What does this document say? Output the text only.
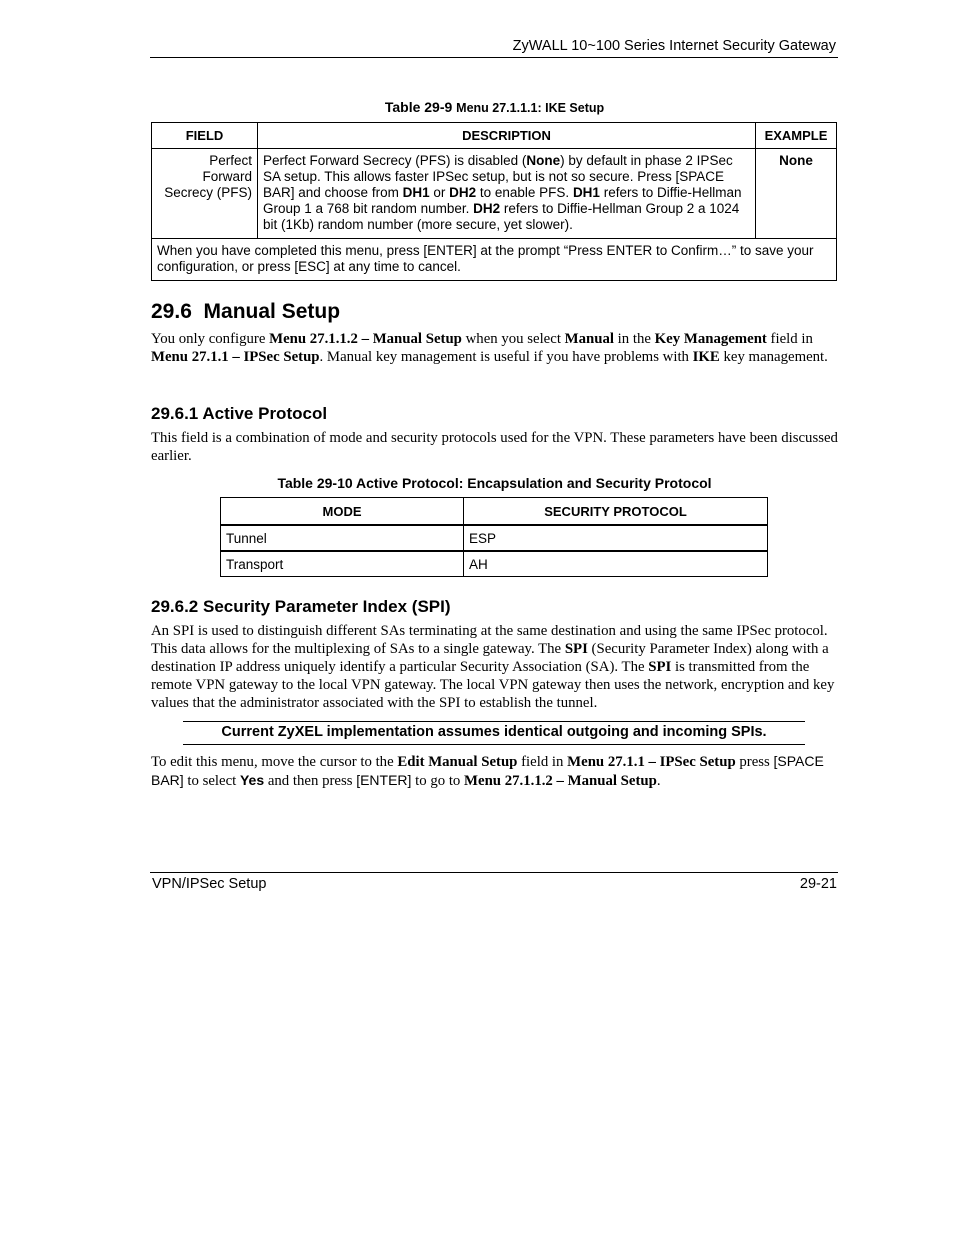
ZyWALL 10~100 Series Internet Security Gateway
Table 29-9 Menu 27.1.1.1: IKE Setup
FIELD	DESCRIPTION	EXAMPLE
Perfect Forward Secrecy (PFS)	Perfect Forward Secrecy (PFS) is disabled (None) by default in phase 2 IPSec SA setup. This allows faster IPSec setup, but is not so secure. Press [SPACE BAR] and choose from DH1 or DH2 to enable PFS. DH1 refers to Diffie-Hellman Group 1 a 768 bit random number. DH2 refers to Diffie-Hellman Group 2 a 1024 bit (1Kb) random number (more secure, yet slower).	None
When you have completed this menu, press [ENTER] at the prompt “Press ENTER to Confirm…” to save your configuration, or press [ESC] at any time to cancel.		
29.6 Manual Setup

You only configure Menu 27.1.1.2 – Manual Setup when you select Manual in the Key Management field in Menu 27.1.1 – IPSec Setup. Manual key management is useful if you have problems with IKE key management.

29.6.1 Active Protocol

This field is a combination of mode and security protocols used for the VPN. These parameters have been discussed earlier.

Table 29-10 Active Protocol: Encapsulation and Security Protocol
MODE	SECURITY PROTOCOL
Tunnel	ESP
Transport	AH
29.6.2 Security Parameter Index (SPI)

An SPI is used to distinguish different SAs terminating at the same destination and using the same IPSec protocol. This data allows for the multiplexing of SAs to a single gateway. The SPI (Security Parameter Index) along with a destination IP address uniquely identify a particular Security Association (SA). The SPI is transmitted from the remote VPN gateway to the local VPN gateway. The local VPN gateway then uses the network, encryption and key values that the administrator associated with the SPI to establish the tunnel.

Current ZyXEL implementation assumes identical outgoing and incoming SPIs.

To edit this menu, move the cursor to the Edit Manual Setup field in Menu 27.1.1 – IPSec Setup press [SPACE BAR] to select Yes and then press [ENTER] to go to Menu 27.1.1.2 – Manual Setup.

VPN/IPSec Setup	29-21
